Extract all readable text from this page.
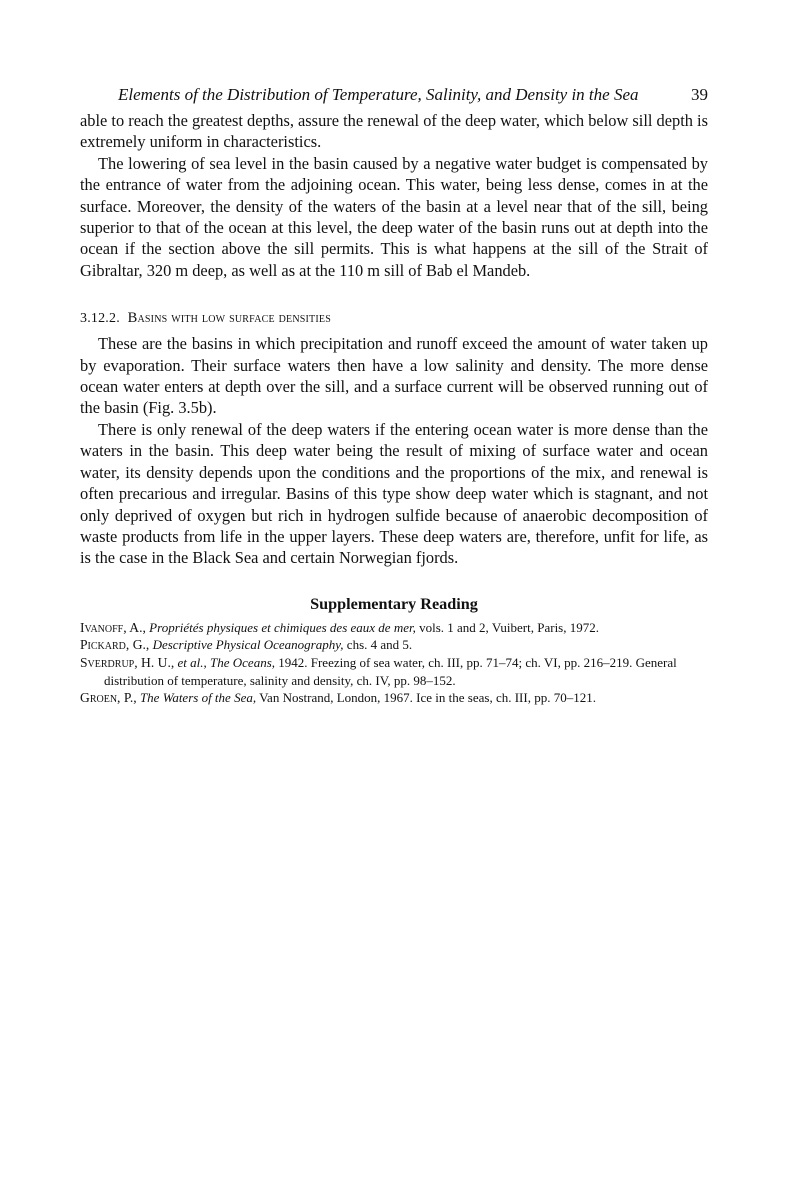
Elements of the Distribution of Temperature, Salinity, and Density in the Sea	39

able to reach the greatest depths, assure the renewal of the deep water, which below sill depth is extremely uniform in characteristics.

The lowering of sea level in the basin caused by a negative water budget is compensated by the entrance of water from the adjoining ocean. This water, being less dense, comes in at the surface. Moreover, the density of the waters of the basin at a level near that of the sill, being superior to that of the ocean at this level, the deep water of the basin runs out at depth into the ocean if the section above the sill permits. This is what happens at the sill of the Strait of Gibraltar, 320 m deep, as well as at the 110 m sill of Bab el Mandeb.

3.12.2. Basins with low surface densities

These are the basins in which precipitation and runoff exceed the amount of water taken up by evaporation. Their surface waters then have a low salinity and density. The more dense ocean water enters at depth over the sill, and a surface current will be observed running out of the basin (Fig. 3.5b).

There is only renewal of the deep waters if the entering ocean water is more dense than the waters in the basin. This deep water being the result of mixing of surface water and ocean water, its density depends upon the conditions and the proportions of the mix, and renewal is often precarious and irregular. Basins of this type show deep water which is stagnant, and not only deprived of oxygen but rich in hydrogen sulfide because of anaerobic decomposition of waste products from life in the upper layers. These deep waters are, therefore, unfit for life, as is the case in the Black Sea and certain Norwegian fjords.

Supplementary Reading
Ivanoff, A., Propriétés physiques et chimiques des eaux de mer, vols. 1 and 2, Vuibert, Paris, 1972.
Pickard, G., Descriptive Physical Oceanography, chs. 4 and 5.
Sverdrup, H. U., et al., The Oceans, 1942. Freezing of sea water, ch. III, pp. 71–74; ch. VI, pp. 216–219. General distribution of temperature, salinity and density, ch. IV, pp. 98–152.
Groen, P., The Waters of the Sea, Van Nostrand, London, 1967. Ice in the seas, ch. III, pp. 70–121.
